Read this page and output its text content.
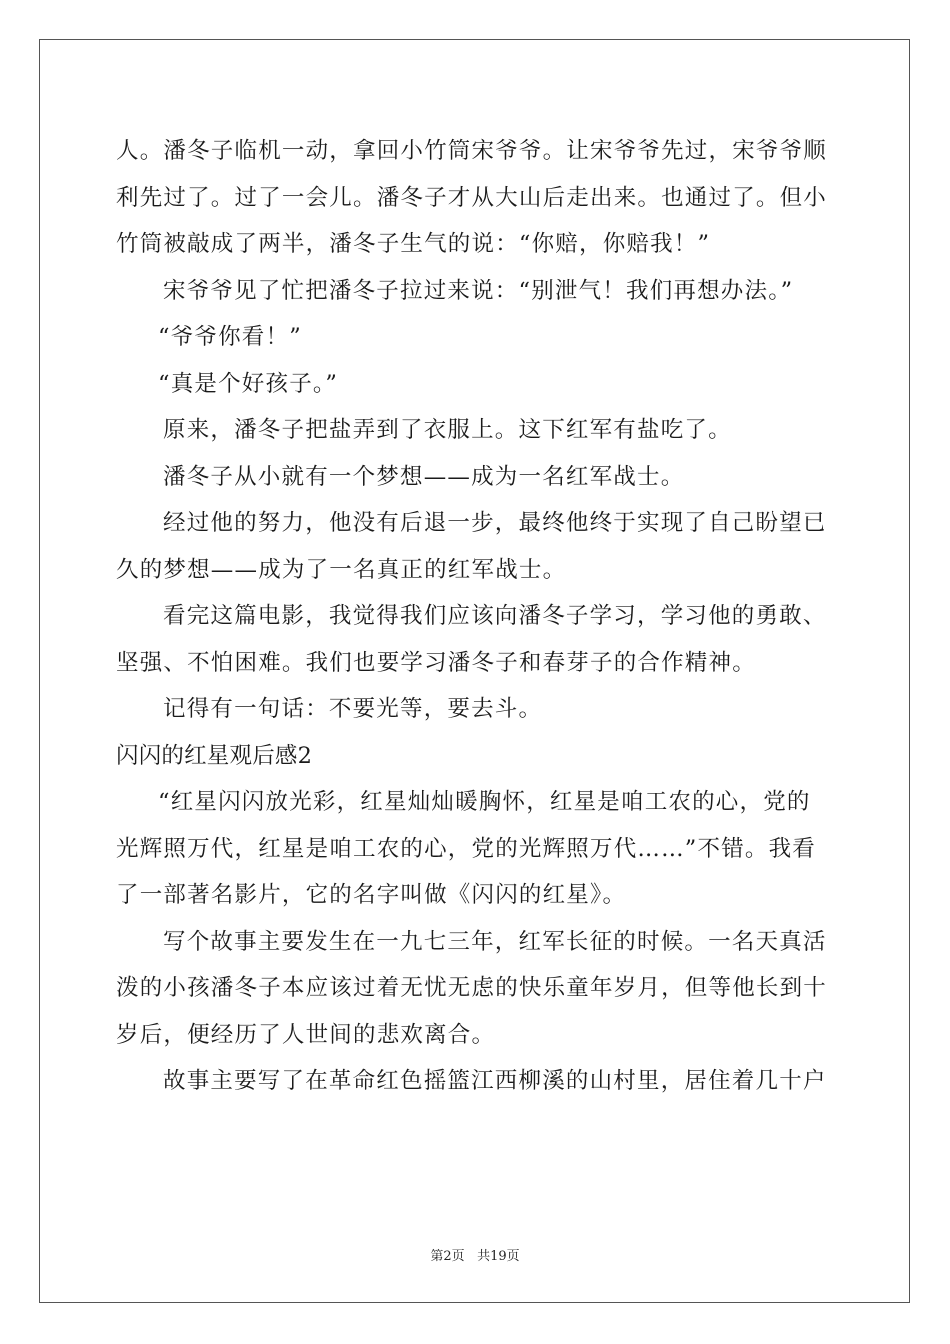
人。潘冬子临机一动，拿回小竹筒宋爷爷。让宋爷爷先过，宋爷爷顺
利先过了。过了一会儿。潘冬子才从大山后走出来。也通过了。但小
竹筒被敲成了两半，潘冬子生气的说：“你赔，你赔我！”
宋爷爷见了忙把潘冬子拉过来说：“别泄气！我们再想办法。”
“爷爷你看！”
“真是个好孩子。”
原来，潘冬子把盐弄到了衣服上。这下红军有盐吃了。
潘冬子从小就有一个梦想——成为一名红军战士。
经过他的努力，他没有后退一步，最终他终于实现了自己盼望已
久的梦想——成为了一名真正的红军战士。
看完这篇电影，我觉得我们应该向潘冬子学习，学习他的勇敢、
坚强、不怕困难。我们也要学习潘冬子和春芽子的合作精神。
记得有一句话：不要光等，要去斗。
闪闪的红星观后感2
“红星闪闪放光彩，红星灿灿暖胸怀，红星是咱工农的心，党的
光辉照万代，红星是咱工农的心，党的光辉照万代……”不错。我看
了一部著名影片，它的名字叫做《闪闪的红星》。
写个故事主要发生在一九七三年，红军长征的时候。一名天真活
泼的小孩潘冬子本应该过着无忧无虑的快乐童年岁月，但等他长到十
岁后，便经历了人世间的悲欢离合。
故事主要写了在革命红色摇篮江西柳溪的山村里，居住着几十户
第2页 共19页
